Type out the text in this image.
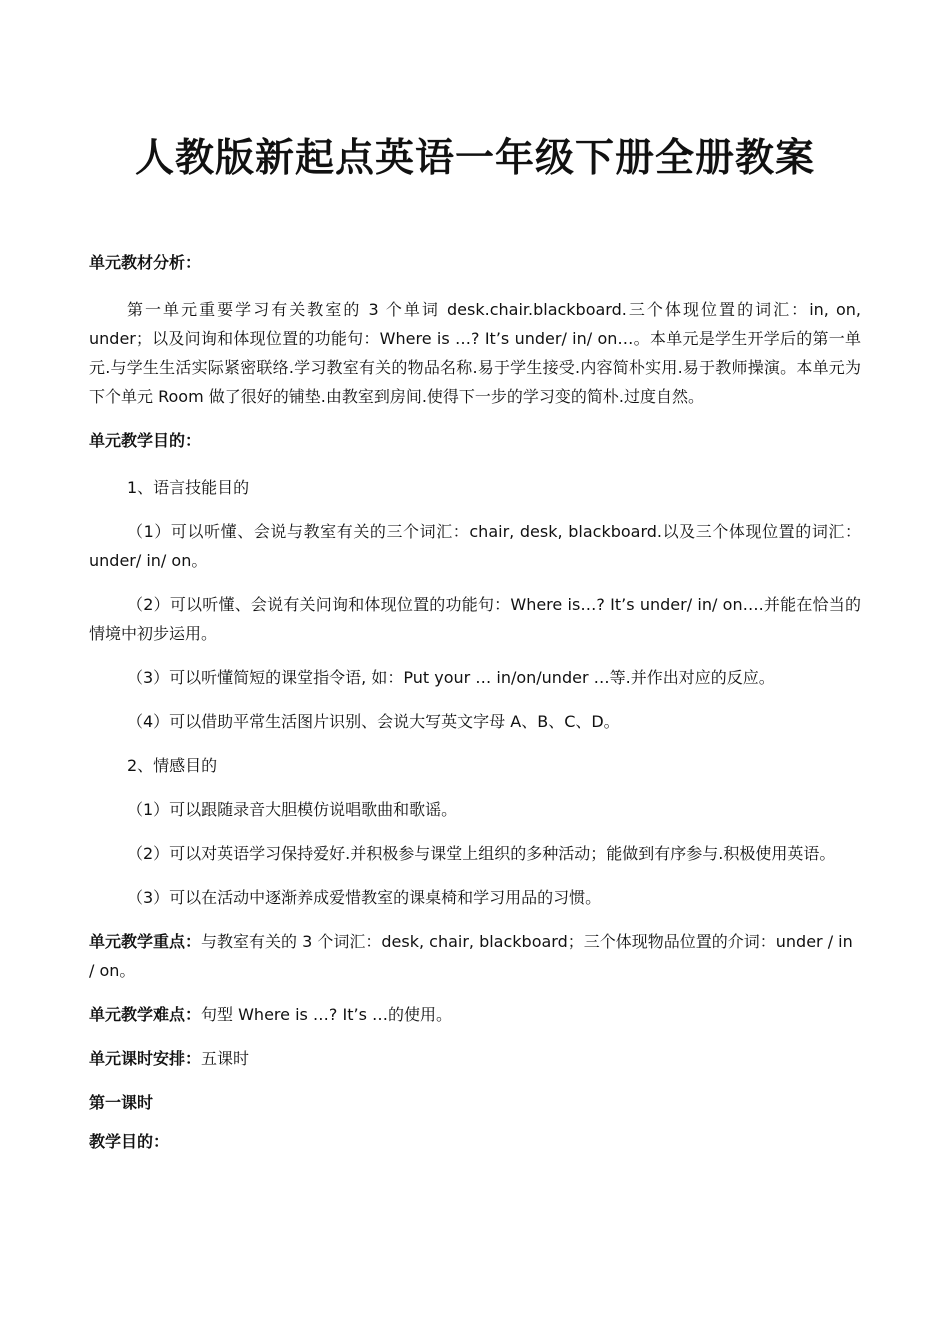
人教版新起点英语一年级下册全册教案
单元教材分析：

第一单元重要学习有关教室的 3 个单词 desk.chair.blackboard.三个体现位置的词汇：in, on, under；以及问询和体现位置的功能句：Where is …? It’s under/ in/ on…。本单元是学生开学后的第一单元.与学生生活实际紧密联络.学习教室有关的物品名称.易于学生接受.内容简朴实用.易于教师操演。本单元为下个单元 Room 做了很好的铺垫.由教室到房间.使得下一步的学习变的简朴.过度自然。

单元教学目的：

1、语言技能目的

（1）可以听懂、会说与教室有关的三个词汇：chair, desk, blackboard.以及三个体现位置的词汇：under/ in/ on。

（2）可以听懂、会说有关问询和体现位置的功能句：Where is…? It’s under/ in/ on….并能在恰当的情境中初步运用。

（3）可以听懂简短的课堂指令语, 如：Put your … in/on/under …等.并作出对应的反应。

（4）可以借助平常生活图片识别、会说大写英文字母 A、B、C、D。

2、情感目的

（1）可以跟随录音大胆模仿说唱歌曲和歌谣。

（2）可以对英语学习保持爱好.并积极参与课堂上组织的多种活动；能做到有序参与.积极使用英语。

（3）可以在活动中逐渐养成爱惜教室的课桌椅和学习用品的习惯。

单元教学重点：与教室有关的 3 个词汇：desk, chair, blackboard；三个体现物品位置的介词：under / in / on。

单元教学难点：句型 Where is …? It’s …的使用。

单元课时安排：五课时

第一课时
教学目的：
